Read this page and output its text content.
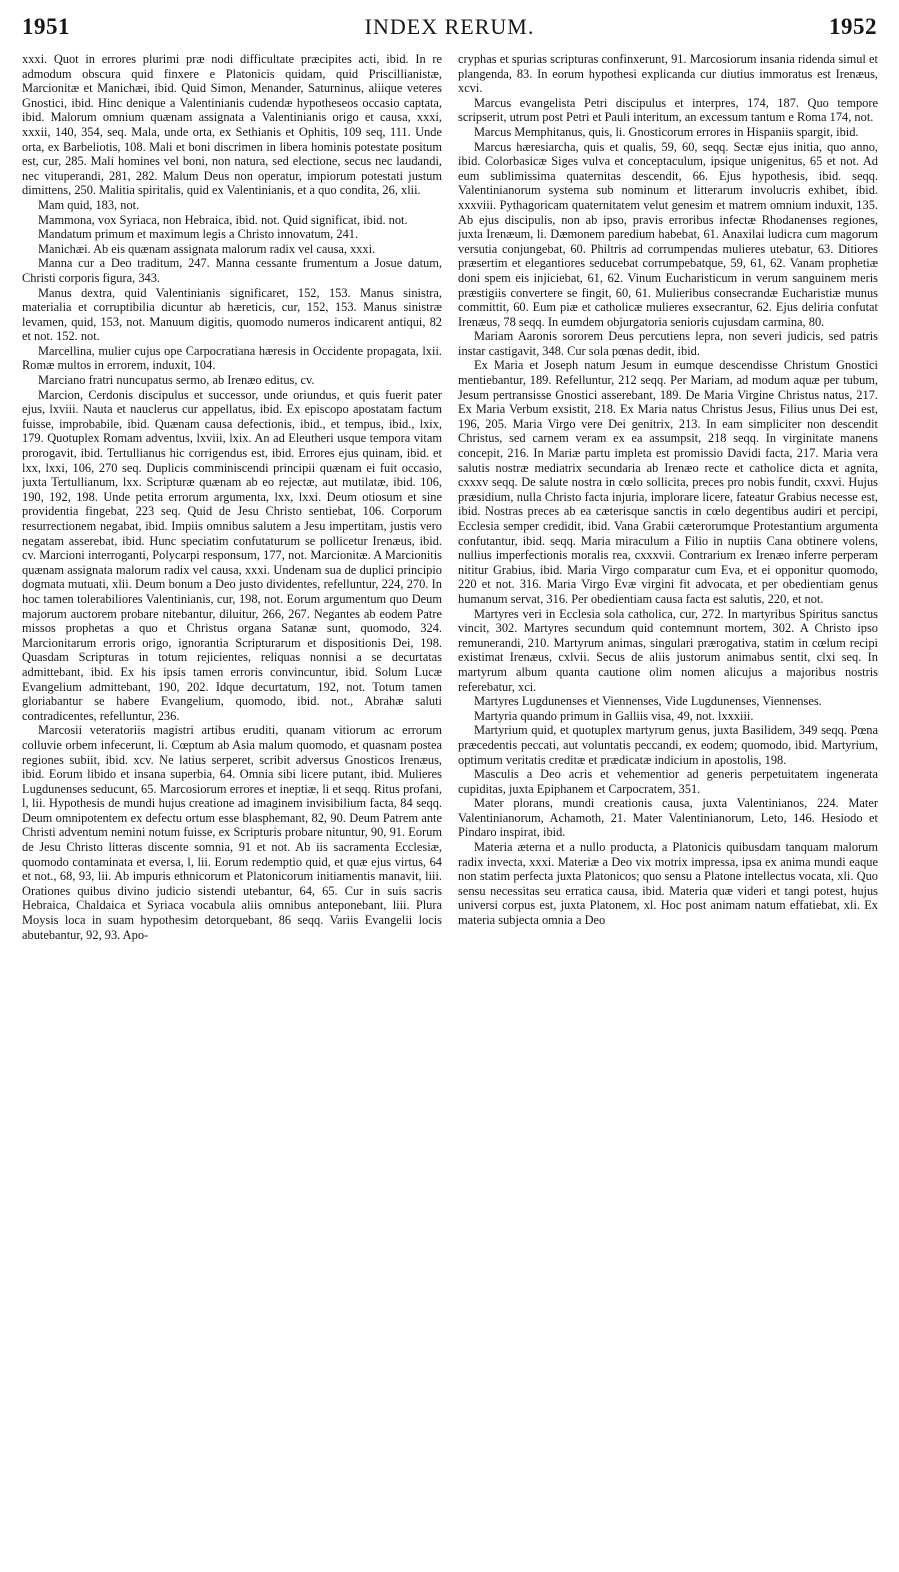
1951	INDEX RERUM.	1952

xxxi. Quot in errores plurimi præ nodi difficultate præcipites acti, ibid. In re admodum obscura quid finxere e Platonicis quidam, quid Priscillianistæ, Marcionitæ et Manichæi, ibid. Quid Simon, Menander, Saturninus, aliique veteres Gnostici, ibid. Hinc denique a Valentinianis cudendæ hypotheseos occasio captata, ibid. Malorum omnium quænam assignata a Valentinianis origo et causa, xxxi, xxxii, 140, 354, seq. Mala, unde orta, ex Sethianis et Ophitis, 109 seq, 111. Unde orta, ex Barbeliotis, 108. Mali et boni discrimen in libera hominis potestate positum est, cur, 285. Mali homines vel boni, non natura, sed electione, secus nec laudandi, nec vituperandi, 281, 282. Malum Deus non operatur, impiorum potestati justum dimittens, 250. Malitia spiritalis, quid ex Valentinianis, et a quo condita, 26, xlii.

Mam quid, 183, not.

Mammona, vox Syriaca, non Hebraica, ibid. not. Quid significat, ibid. not.

Mandatum primum et maximum legis a Christo innovatum, 241.

Manichæi. Ab eis quænam assignata malorum radix vel causa, xxxi.

Manna cur a Deo traditum, 247. Manna cessante frumentum a Josue datum, Christi corporis figura, 343.

Manus dextra, quid Valentinianis significaret, 152, 153. Manus sinistra, materialia et corruptibilia dicuntur ab hæreticis, cur, 152, 153. Manus sinistræ levamen, quid, 153, not. Manuum digitis, quomodo numeros indicarent antiqui, 82 et not. 152. not.

Marcellina, mulier cujus ope Carpocratiana hæresis in Occidente propagata, lxii. Romæ multos in errorem, induxit, 104.

Marciano fratri nuncupatus sermo, ab Irenæo editus, cv.

Marcion, Cerdonis discipulus et successor, unde oriundus, et quis fuerit pater ejus, lxviii. Nauta et nauclerus cur appellatus, ibid. Ex episcopo apostatam factum fuisse, improbabile, ibid. Quænam causa defectionis, ibid., et tempus, ibid., lxix, 179. Quotuplex Romam adventus, lxviii, lxix. An ad Eleutheri usque tempora vitam prorogavit, ibid. Tertullianus hic corrigendus est, ibid. Errores ejus quinam, ibid. et lxx, lxxi, 106, 270 seq. Duplicis comminiscendi principii quænam ei fuit occasio, juxta Tertullianum, lxx. Scripturæ quænam ab eo rejectæ, aut mutilatæ, ibid. 106, 190, 192, 198. Unde petita errorum argumenta, lxx, lxxi. Deum otiosum et sine providentia fingebat, 223 seq. Quid de Jesu Christo sentiebat, 106. Corporum resurrectionem negabat, ibid. Impiis omnibus salutem a Jesu impertitam, justis vero negatam asserebat, ibid. Hunc speciatim confutaturum se pollicetur Irenæus, ibid. cv. Marcioni interroganti, Polycarpi responsum, 177, not. Marcionitæ. A Marcionitis quænam assignata malorum radix vel causa, xxxi. Undenam sua de duplici principio dogmata mutuati, xlii. Deum bonum a Deo justo dividentes, refelluntur, 224, 270. In hoc tamen tolerabiliores Valentinianis, cur, 198, not. Eorum argumentum quo Deum majorum auctorem probare nitebantur, diluitur, 266, 267. Negantes ab eodem Patre missos prophetas a quo et Christus organa Satanæ sunt, quomodo, 324. Marcionitarum erroris origo, ignorantia Scripturarum et dispositionis Dei, 198. Quasdam Scripturas in totum rejicientes, reliquas nonnisi a se decurtatas admittebant, ibid. Ex his ipsis tamen erroris convincuntur, ibid. Solum Lucæ Evangelium admittebant, 190, 202. Idque decurtatum, 192, not. Totum tamen gloriabantur se habere Evangelium, quomodo, ibid. not., Abrahæ saluti contradicentes, refelluntur, 236.

Marcosii veteratoriis magistri artibus eruditi, quanam vitiorum ac errorum colluvie orbem infecerunt, li. Cœptum ab Asia malum quomodo, et quasnam postea regiones subiit, ibid. xcv. Ne latius serperet, scribit adversus Gnosticos Irenæus, ibid. Eorum libido et insana superbia, 64. Omnia sibi licere putant, ibid. Mulieres Lugdunenses seducunt, 65. Marcosiorum errores et ineptiæ, li et seqq. Ritus profani, l, lii. Hypothesis de mundi hujus creatione ad imaginem invisibilium facta, 84 seqq. Deum omnipotentem ex defectu ortum esse blasphemant, 82, 90. Deum Patrem ante Christi adventum nemini notum fuisse, ex Scripturis probare nituntur, 90, 91. Eorum de Jesu Christo litteras discente somnia, 91 et not. Ab iis sacramenta Ecclesiæ, quomodo contaminata et eversa, l, lii. Eorum redemptio quid, et quæ ejus virtus, 64 et not., 68, 93, lii. Ab impuris ethnicorum et Platonicorum initiamentis manavit, liii. Orationes quibus divino judicio sistendi utebantur, 64, 65. Cur in suis sacris Hebraica, Chaldaica et Syriaca vocabula aliis omnibus anteponebant, liii. Plura Moysis loca in suam hypothesim detorquebant, 86 seqq. Variis Evangelii locis abutebantur, 92, 93. Apo-

cryphas et spurias scripturas confinxerunt, 91. Marcosiorum insania ridenda simul et plangenda, 83. In eorum hypothesi explicanda cur diutius immoratus est Irenæus, xcvi.

Marcus evangelista Petri discipulus et interpres, 174, 187. Quo tempore scripserit, utrum post Petri et Pauli interitum, an excessum tantum e Roma 174, not.

Marcus Memphitanus, quis, li. Gnosticorum errores in Hispaniis spargit, ibid.

Marcus hæresiarcha, quis et qualis, 59, 60, seqq. Sectæ ejus initia, quo anno, ibid. Colorbasicæ Siges vulva et conceptaculum, ipsique unigenitus, 65 et not. Ad eum sublimissima quaternitas descendit, 66. Ejus hypothesis, ibid. seqq. Valentinianorum systema sub nominum et litterarum involucris exhibet, ibid. xxxviii. Pythagoricam quaternitatem velut genesim et matrem omnium induxit, 135. Ab ejus discipulis, non ab ipso, pravis erroribus infectæ Rhodanenses regiones, juxta Irenæum, li. Dæmonem paredium habebat, 61. Anaxilai ludicra cum magorum versutia conjungebat, 60. Philtris ad corrumpendas mulieres utebatur, 63. Ditiores præsertim et elegantiores seducebat corrumpebatque, 59, 61, 62. Vanam prophetiæ doni spem eis injiciebat, 61, 62. Vinum Eucharisticum in verum sanguinem meris præstigiis convertere se fingit, 60, 61. Mulieribus consecrandæ Eucharistiæ munus committit, 60. Eum piæ et catholicæ mulieres exsecrantur, 62. Ejus deliria confutat Irenæus, 78 seqq. In eumdem objurgatoria senioris cujusdam carmina, 80.

Mariam Aaronis sororem Deus percutiens lepra, non severi judicis, sed patris instar castigavit, 348. Cur sola pœnas dedit, ibid.

Ex Maria et Joseph natum Jesum in eumque descendisse Christum Gnostici mentiebantur, 189. Refelluntur, 212 seqq. Per Mariam, ad modum aquæ per tubum, Jesum pertransisse Gnostici asserebant, 189. De Maria Virgine Christus natus, 217. Ex Maria Verbum exsistit, 218. Ex Maria natus Christus Jesus, Filius unus Dei est, 196, 205. Maria Virgo vere Dei genitrix, 213. In eam simpliciter non descendit Christus, sed carnem veram ex ea assumpsit, 218 seqq. In virginitate manens concepit, 216. In Mariæ partu impleta est promissio Davidi facta, 217. Maria vera salutis nostræ mediatrix secundaria ab Irenæo recte et catholice dicta et agnita, cxxxv seqq. De salute nostra in cœlo sollicita, preces pro nobis fundit, cxxvi. Hujus præsidium, nulla Christo facta injuria, implorare licere, fateatur Grabius necesse est, ibid. Nostras preces ab ea cæterisque sanctis in cœlo degentibus audiri et percipi, Ecclesia semper credidit, ibid. Vana Grabii cæterorumque Protestantium argumenta confutantur, ibid. seqq. Maria miraculum a Filio in nuptiis Cana obtinere volens, nullius imperfectionis moralis rea, cxxxvii. Contrarium ex Irenæo inferre perperam nititur Grabius, ibid. Maria Virgo comparatur cum Eva, et ei opponitur quomodo, 220 et not. 316. Maria Virgo Evæ virgini fit advocata, et per obedientiam genus humanum servat, 316. Per obedientiam causa facta est salutis, 220, et not.

Martyres veri in Ecclesia sola catholica, cur, 272. In martyribus Spiritus sanctus vincit, 302. Martyres secundum quid contemnunt mortem, 302. A Christo ipso remunerandi, 210. Martyrum animas, singulari prærogativa, statim in cœlum recipi existimat Irenæus, cxlvii. Secus de aliis justorum animabus sentit, clxi seq. In martyrum album quanta cautione olim nomen alicujus a majoribus nostris referebatur, xci.

Martyres Lugdunenses et Viennenses, Vide Lugdunenses, Viennenses.

Martyria quando primum in Galliis visa, 49, not. lxxxiii.

Martyrium quid, et quotuplex martyrum genus, juxta Basilidem, 349 seqq. Pœna præcedentis peccati, aut voluntatis peccandi, ex eodem; quomodo, ibid. Martyrium, optimum veritatis creditæ et prædicatæ indicium in apostolis, 198.

Masculis a Deo acris et vehementior ad generis perpetuitatem ingenerata cupiditas, juxta Epiphanem et Carpocratem, 351.

Mater plorans, mundi creationis causa, juxta Valentinianos, 224. Mater Valentinianorum, Achamoth, 21. Mater Valentinianorum, Leto, 146. Hesiodo et Pindaro inspirat, ibid.

Materia æterna et a nullo producta, a Platonicis quibusdam tanquam malorum radix invecta, xxxi. Materiæ a Deo vix motrix impressa, ipsa ex anima mundi eaque non statim perfecta juxta Platonicos; quo sensu a Platone intellectus vocata, xli. Quo sensu necessitas seu erratica causa, ibid. Materia quæ videri et tangi potest, hujus universi corpus est, juxta Platonem, xl. Hoc post animam natum effatiebat, xli. Ex materia subjecta omnia a Deo
